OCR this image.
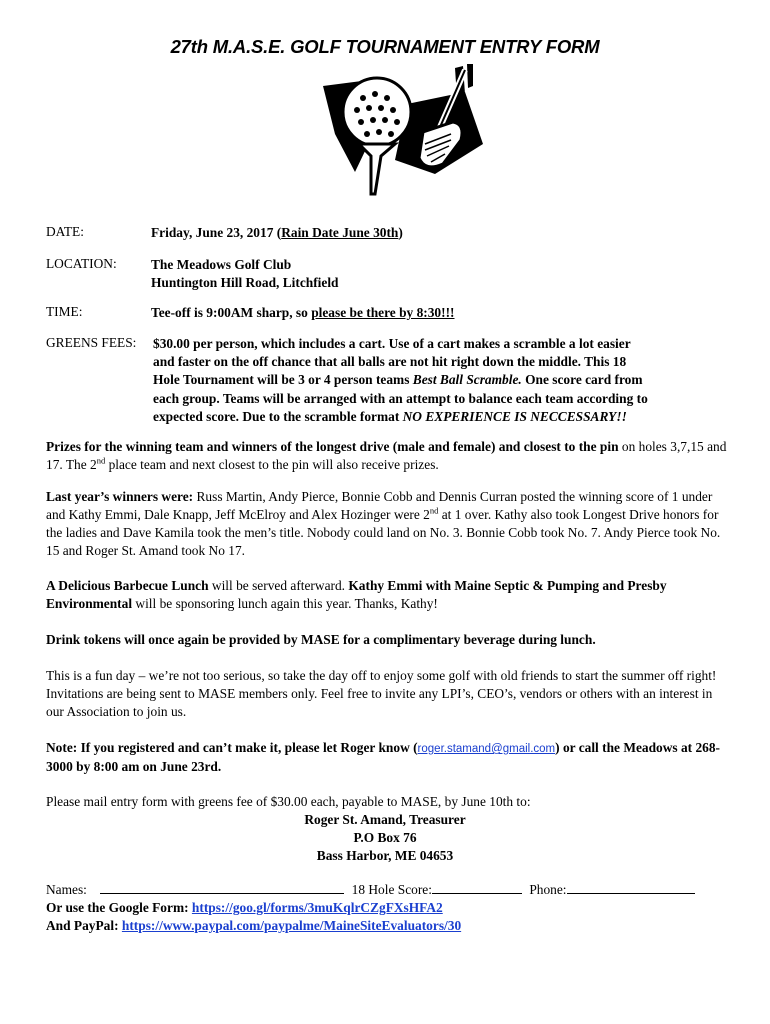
27th M.A.S.E. GOLF TOURNAMENT ENTRY FORM
DATE:	Friday, June 23, 2017 (Rain Date June 30th)
LOCATION:	The Meadows Golf Club
Huntington Hill Road, Litchfield
TIME:	Tee-off is 9:00AM sharp, so please be there by 8:30!!!
GREENS FEES: $30.00 per person, which includes a cart. Use of a cart makes a scramble a lot easier
and faster on the off chance that all balls are not hit right down the middle. This 18
Hole Tournament will be 3 or 4 person teams Best Ball Scramble. One score card from
each group. Teams will be arranged with an attempt to balance each team according to
expected score. Due to the scramble format NO EXPERIENCE IS NECCESSARY!!
Prizes for the winning team and winners of the longest drive (male and female) and closest to the pin on holes 3,7,15 and 17. The 2nd place team and next closest to the pin will also receive prizes.
Last year’s winners were: Russ Martin, Andy Pierce, Bonnie Cobb and Dennis Curran posted the winning score of 1 under and Kathy Emmi, Dale Knapp, Jeff McElroy and Alex Hozinger were 2nd at 1 over. Kathy also took Longest Drive honors for the ladies and Dave Kamila took the men’s title. Nobody could land on No. 3. Bonnie Cobb took No. 7. Andy Pierce took No. 15 and Roger St. Amand took No 17.
A Delicious Barbecue Lunch will be served afterward. Kathy Emmi with Maine Septic & Pumping and Presby Environmental will be sponsoring lunch again this year. Thanks, Kathy!
Drink tokens will once again be provided by MASE for a complimentary beverage during lunch.
This is a fun day – we’re not too serious, so take the day off to enjoy some golf with old friends to start the summer off right! Invitations are being sent to MASE members only. Feel free to invite any LPI’s, CEO’s, vendors or others with an interest in our Association to join us.
Note: If you registered and can’t make it, please let Roger know (roger.stamand@gmail.com) or call the Meadows at 268-3000 by 8:00 am on June 23rd.
Please mail entry form with greens fee of $30.00 each, payable to MASE, by June 10th to:
Roger St. Amand, Treasurer
P.O Box 76
Bass Harbor, ME 04653
Names:	18 Hole Score:	Phone:
Or use the Google Form: https://goo.gl/forms/3muKqlrCZgFXsHFA2
And PayPal: https://www.paypal.com/paypalme/MaineSiteEvaluators/30
